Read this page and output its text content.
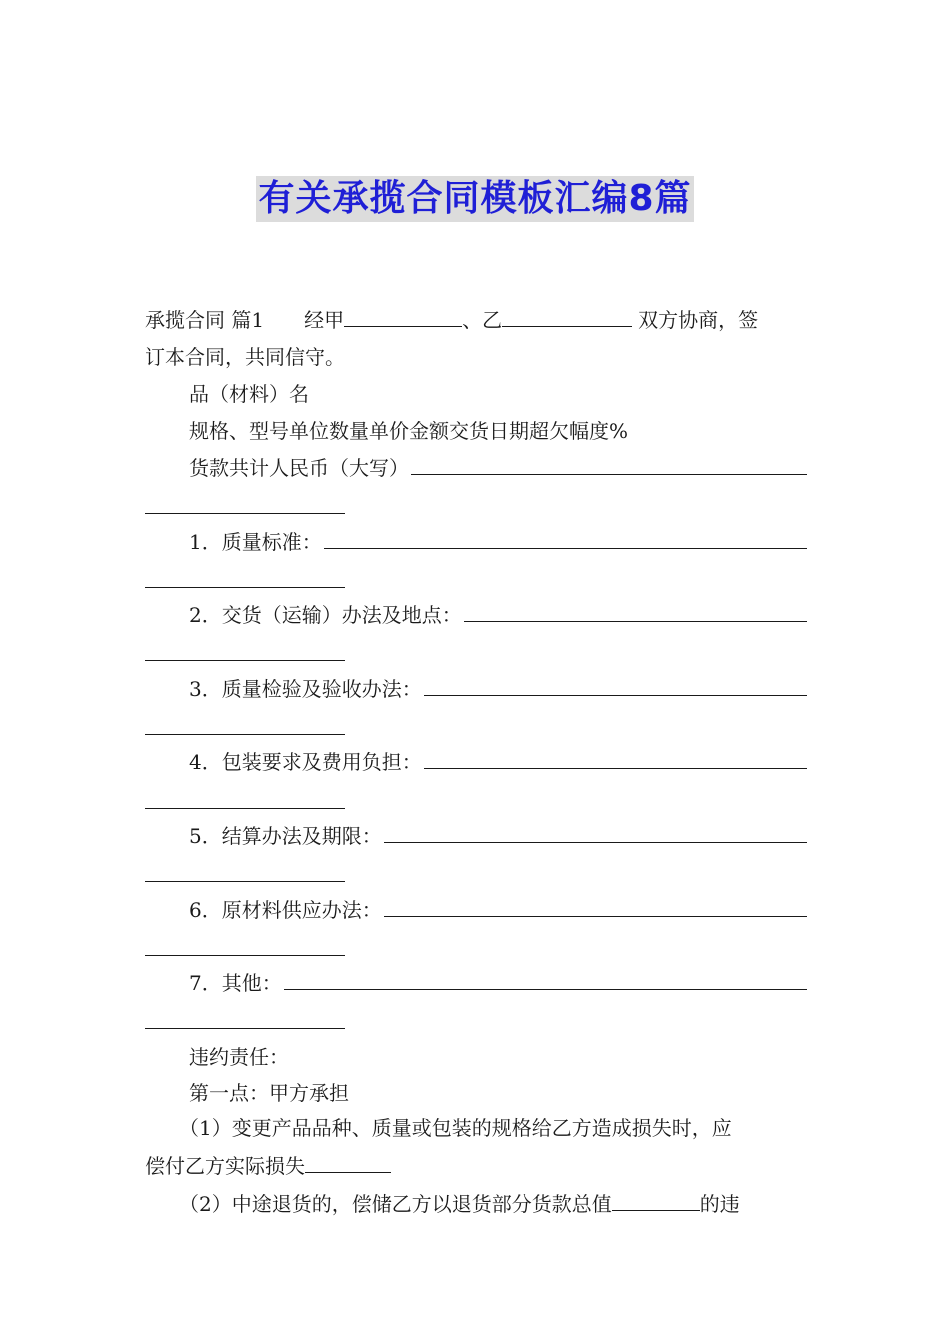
有关承揽合同模板汇编8篇
承揽合同 篇1 经甲	、乙	双方协商，签
订本合同，共同信守。
品（材料）名
规格、型号单位数量单价金额交货日期超欠幅度%
货款共计人民币（大写）
1．质量标准：
2．交货（运输）办法及地点：
3．质量检验及验收办法：
4．包装要求及费用负担：
5．结算办法及期限：
6．原材料供应办法：
7．其他：
违约责任：
第一点：甲方承担
（1）变更产品品种、质量或包装的规格给乙方造成损失时，应
偿付乙方实际损失
（2）中途退货的，偿储乙方以退货部分货款总值	的违
